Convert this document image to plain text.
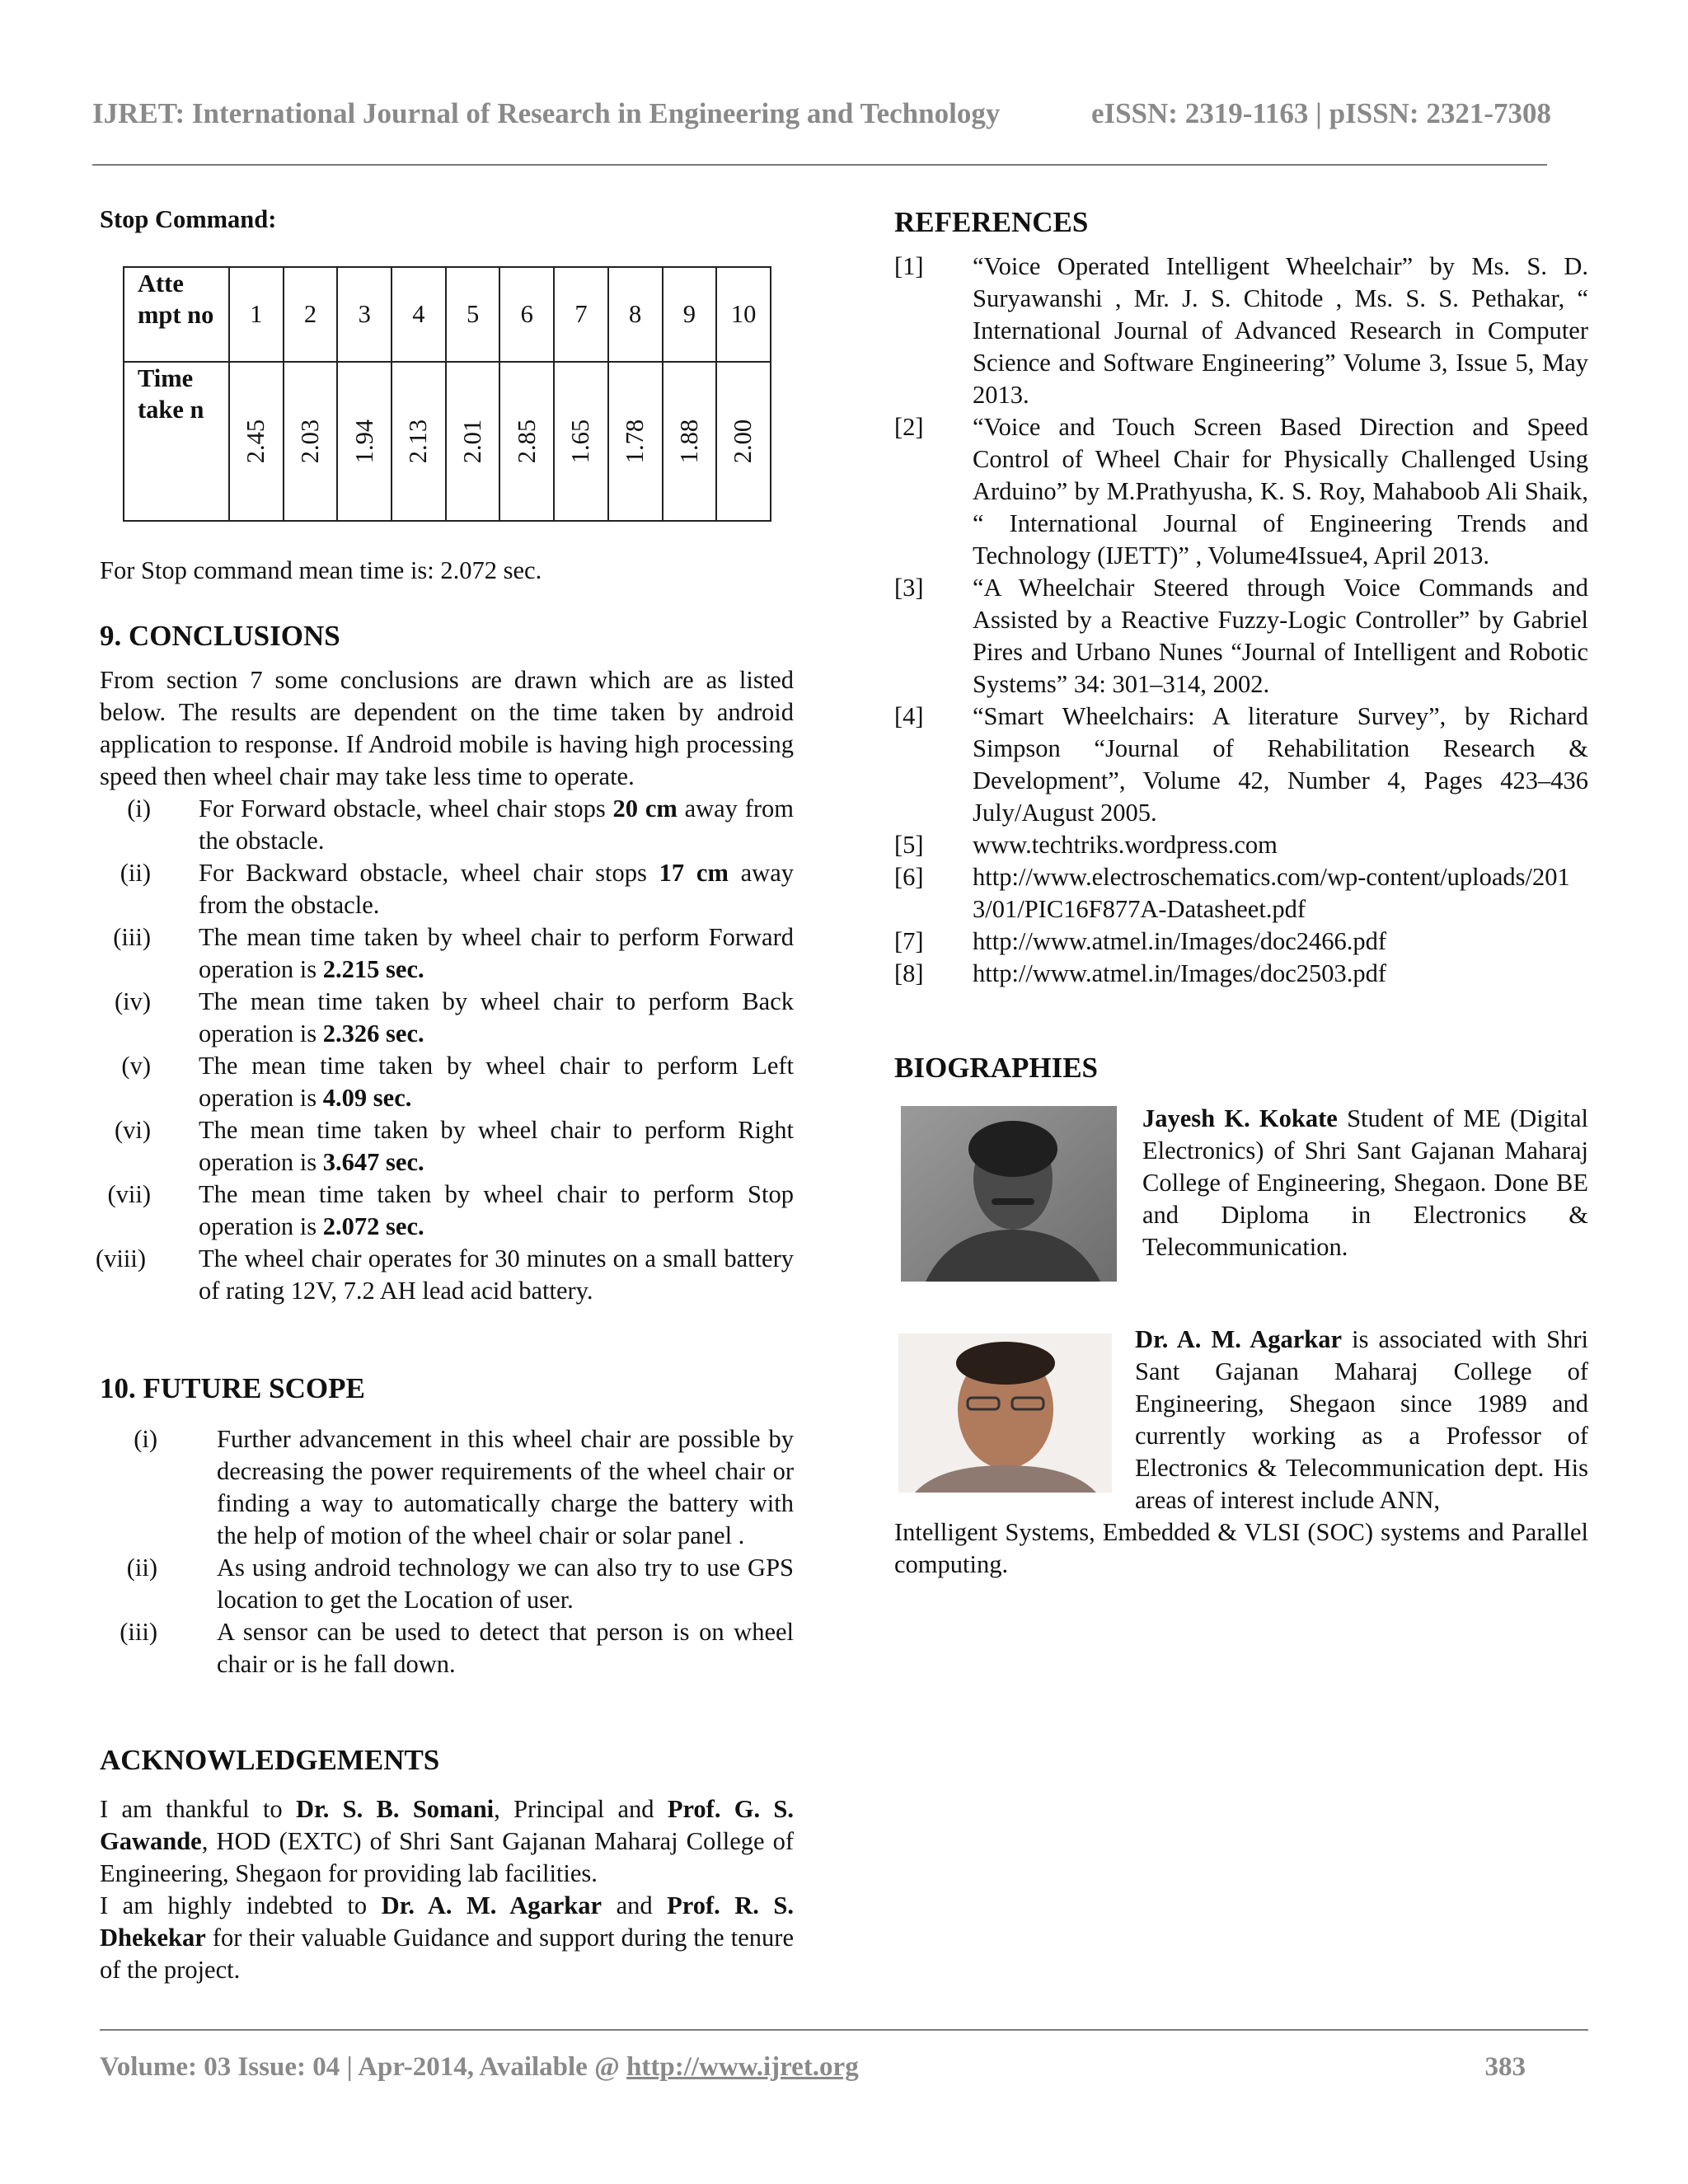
IJRET: International Journal of Research in Engineering and Technology	eISSN: 2319-1163 | pISSN: 2321-7308
Stop Command:
Atte mpt no	1	2	3	4	5	6	7	8	9	10
Time take n	2.45	2.03	1.94	2.13	2.01	2.85	1.65	1.78	1.88	2.00
For Stop command mean time is: 2.072 sec.
9. CONCLUSIONS

From section 7 some conclusions are drawn which are as listed below. The results are dependent on the time taken by android application to response. If Android mobile is having high processing speed then wheel chair may take less time to operate.

(i) For Forward obstacle, wheel chair stops 20 cm away from the obstacle.
(ii) For Backward obstacle, wheel chair stops 17 cm away from the obstacle.
(iii) The mean time taken by wheel chair to perform Forward operation is 2.215 sec.
(iv) The mean time taken by wheel chair to perform Back operation is 2.326 sec.
(v) The mean time taken by wheel chair to perform Left operation is 4.09 sec.
(vi) The mean time taken by wheel chair to perform Right operation is 3.647 sec.
(vii) The mean time taken by wheel chair to perform Stop operation is 2.072 sec.
(viii) The wheel chair operates for 30 minutes on a small battery of rating 12V, 7.2 AH lead acid battery.
10. FUTURE SCOPE
(i) Further advancement in this wheel chair are possible by decreasing the power requirements of the wheel chair or finding a way to automatically charge the battery with the help of motion of the wheel chair or solar panel .
(ii) As using android technology we can also try to use GPS location to get the Location of user.
(iii) A sensor can be used to detect that person is on wheel chair or is he fall down.
ACKNOWLEDGEMENTS

I am thankful to Dr. S. B. Somani, Principal and Prof. G. S. Gawande, HOD (EXTC) of Shri Sant Gajanan Maharaj College of Engineering, Shegaon for providing lab facilities.

I am highly indebted to Dr. A. M. Agarkar and Prof. R. S. Dhekekar for their valuable Guidance and support during the tenure of the project.

REFERENCES
[1]	“Voice Operated Intelligent Wheelchair” by Ms. S. D. Suryawanshi , Mr. J. S. Chitode , Ms. S. S. Pethakar, “ International Journal of Advanced Research in Computer Science and Software Engineering” Volume 3, Issue 5, May 2013.
[2]	“Voice and Touch Screen Based Direction and Speed Control of Wheel Chair for Physically Challenged Using Arduino” by M.Prathyusha, K. S. Roy, Mahaboob Ali Shaik, “ International Journal of Engineering Trends and Technology (IJETT)” , Volume4Issue4, April 2013.
[3]	“A Wheelchair Steered through Voice Commands and Assisted by a Reactive Fuzzy-Logic Controller” by Gabriel Pires and Urbano Nunes “Journal of Intelligent and Robotic Systems” 34: 301–314, 2002.
[4]	“Smart Wheelchairs: A literature Survey”, by Richard Simpson “Journal of Rehabilitation Research & Development”, Volume 42, Number 4, Pages 423–436 July/August 2005.
[5]	www.techtriks.wordpress.com
[6]	http://www.electroschematics.com/wp-content/uploads/2013/01/PIC16F877A-Datasheet.pdf
[7]	http://www.atmel.in/Images/doc2466.pdf
[8]	http://www.atmel.in/Images/doc2503.pdf
BIOGRAPHIES

Jayesh K. Kokate Student of ME (Digital Electronics) of Shri Sant Gajanan Maharaj College of Engineering, Shegaon. Done BE and Diploma in Electronics & Telecommunication.

Dr. A. M. Agarkar is associated with Shri Sant Gajanan Maharaj College of Engineering, Shegaon since 1989 and currently working as a Professor of Electronics & Telecommunication dept. His areas of interest include ANN,

Intelligent Systems, Embedded & VLSI (SOC) systems and Parallel computing.

Volume: 03 Issue: 04 | Apr-2014, Available @ http://www.ijret.org	383
